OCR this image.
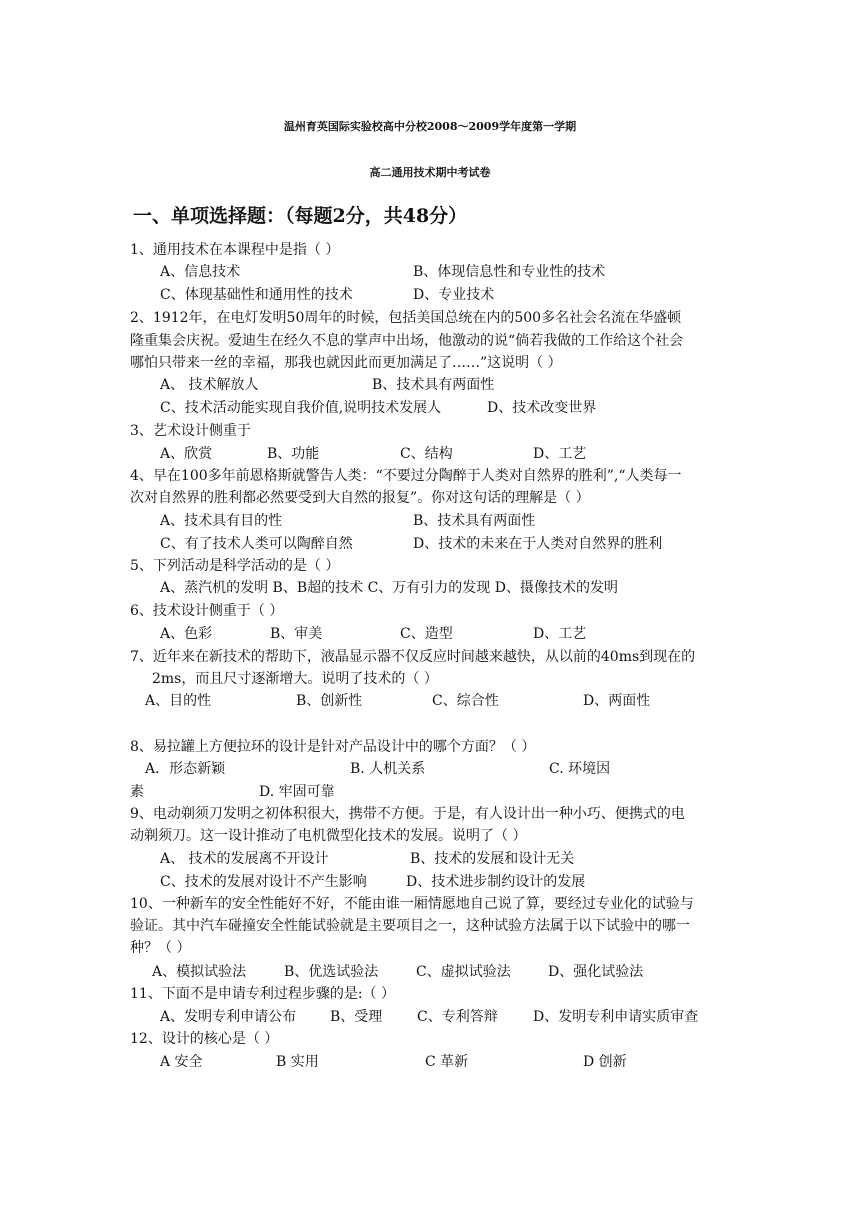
温州育英国际实验校高中分校2008～2009学年度第一学期
高二通用技术期中考试卷
一、单项选择题：（每题2分，共48分）
1、通用技术在本课程中是指（ ）
A、信息技术	B、体现信息性和专业性的技术
C、体现基础性和通用性的技术	D、专业技术
2、1912年，在电灯发明50周年的时候，包括美国总统在内的500多名社会名流在华盛顿
隆重集会庆祝。爱迪生在经久不息的掌声中出场，他激动的说“倘若我做的工作给这个社会
哪怕只带来一丝的幸福，那我也就因此而更加满足了……”这说明（ ）
A、 技术解放人	B、技术具有两面性
C、技术活动能实现自我价值,说明技术发展人	D、技术改变世界
3、艺术设计侧重于
A、欣赏	B、功能	C、结构	D、工艺
4、早在100多年前恩格斯就警告人类：“不要过分陶醉于人类对自然界的胜利”,“人类每一
次对自然界的胜利都必然要受到大自然的报复”。你对这句话的理解是（ ）
A、技术具有目的性	B、技术具有两面性
C、有了技术人类可以陶醉自然	D、技术的未来在于人类对自然界的胜利
5、下列活动是科学活动的是（ ）
A、蒸汽机的发明 B、B超的技术 C、万有引力的发现 D、摄像技术的发明
6、技术设计侧重于（ ）
A、色彩	B、审美	C、造型	D、工艺
7、近年来在新技术的帮助下，液晶显示器不仅反应时间越来越快，从以前的40ms到现在的
2ms，而且尺寸逐渐增大。说明了技术的（ ）
A、目的性	B、创新性	C、综合性	D、两面性
8、易拉罐上方便拉环的设计是针对产品设计中的哪个方面？（ ）
A．形态新颖	B. 人机关系	C. 环境因
素	D. 牢固可靠
9、电动剃须刀发明之初体积很大，携带不方便。于是，有人设计出一种小巧、便携式的电
动剃须刀。这一设计推动了电机微型化技术的发展。说明了（ ）
A、 技术的发展离不开设计	B、技术的发展和设计无关
C、技术的发展对设计不产生影响	D、技术进步制约设计的发展
10、一种新车的安全性能好不好，不能由谁一厢情愿地自己说了算，要经过专业化的试验与
验证。其中汽车碰撞安全性能试验就是主要项目之一，这种试验方法属于以下试验中的哪一
种？（ ）
A、模拟试验法	B、优选试验法	C、虚拟试验法	D、强化试验法
11、下面不是申请专利过程步骤的是:（ ）
A、发明专利申请公布 B、受理 C、专利答辩	D、发明专利申请实质审查
12、设计的核心是（ ）
A 安全	B 实用	C 革新	D 创新
